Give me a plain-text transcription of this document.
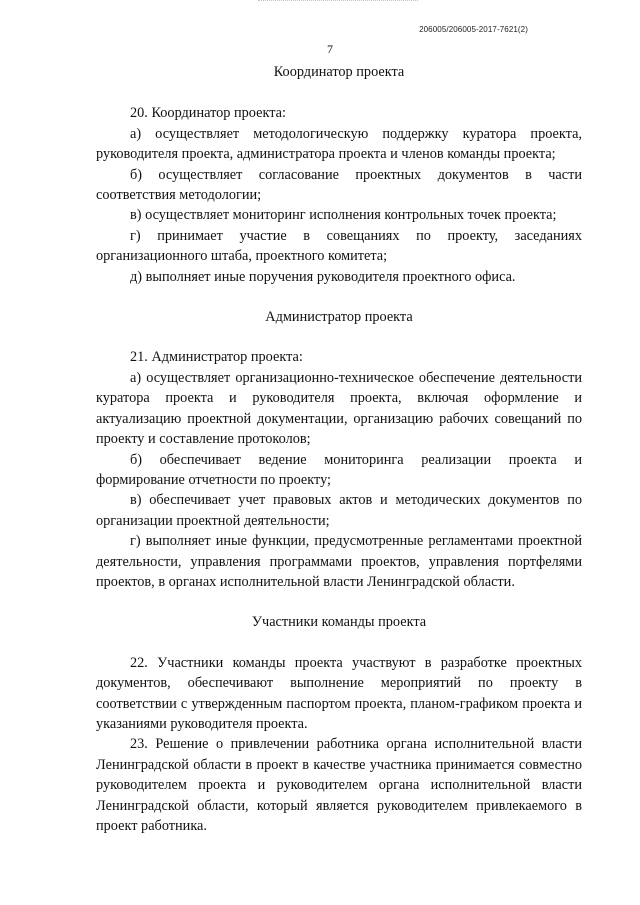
206005/206005-2017-7621(2)
7

Координатор проекта

20. Координатор проекта:

а) осуществляет методологическую поддержку куратора проекта, руководителя проекта, администратора проекта и членов команды проекта;

б) осуществляет согласование проектных документов в части соответствия методологии;

в) осуществляет мониторинг исполнения контрольных точек проекта;

г) принимает участие в совещаниях по проекту, заседаниях организационного штаба, проектного комитета;

д) выполняет иные поручения руководителя проектного офиса.

Администратор проекта

21. Администратор проекта:

а) осуществляет организационно-техническое обеспечение деятельности куратора проекта и руководителя проекта, включая оформление и актуализацию проектной документации, организацию рабочих совещаний по проекту и составление протоколов;

б) обеспечивает ведение мониторинга реализации проекта и формирование отчетности по проекту;

в) обеспечивает учет правовых актов и методических документов по организации проектной деятельности;

г) выполняет иные функции, предусмотренные регламентами проектной деятельности, управления программами проектов, управления портфелями проектов, в органах исполнительной власти Ленинградской области.

Участники команды проекта

22. Участники команды проекта участвуют в разработке проектных документов, обеспечивают выполнение мероприятий по проекту в соответствии с утвержденным паспортом проекта, планом-графиком проекта и указаниями руководителя проекта.

23. Решение о привлечении работника органа исполнительной власти Ленинградской области в проект в качестве участника принимается совместно руководителем проекта и руководителем органа исполнительной власти Ленинградской области, который является руководителем привлекаемого в проект работника.
